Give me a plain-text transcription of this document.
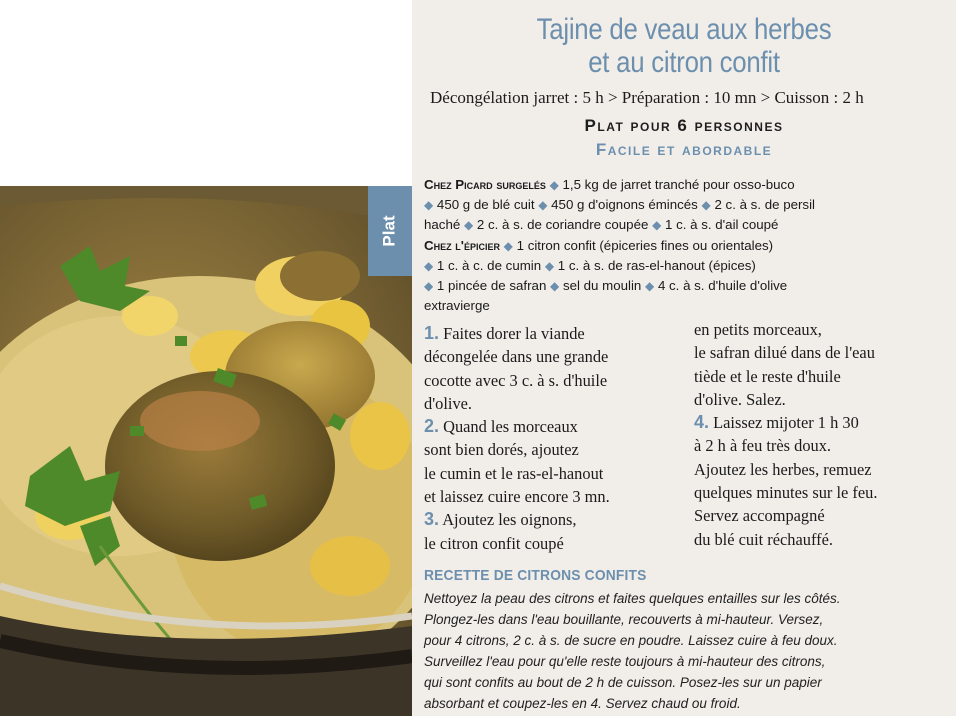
Plat
Tajine de veau aux herbes
et au citron confit
Décongélation jarret : 5 h > Préparation : 10 mn > Cuisson : 2 h
Plat pour 6 personnes
Facile et abordable
Chez Picard surgelés ◆ 1,5 kg de jarret tranché pour osso-buco
◆ 450 g de blé cuit ◆ 450 g d'oignons émincés ◆ 2 c. à s. de persil
haché ◆ 2 c. à s. de coriandre coupée ◆ 1 c. à s. d'ail coupé
Chez l'épicier ◆ 1 citron confit (épiceries fines ou orientales)
◆ 1 c. à c. de cumin ◆ 1 c. à s. de ras-el-hanout (épices)
◆ 1 pincée de safran ◆ sel du moulin ◆ 4 c. à s. d'huile d'olive
extravierge
1. Faites dorer la viande
décongelée dans une grande
cocotte avec 3 c. à s. d'huile
d'olive.
2. Quand les morceaux
sont bien dorés, ajoutez
le cumin et le ras-el-hanout
et laissez cuire encore 3 mn.
3. Ajoutez les oignons,
le citron confit coupé
en petits morceaux,
le safran dilué dans de l'eau
tiède et le reste d'huile
d'olive. Salez.
4. Laissez mijoter 1 h 30
à 2 h à feu très doux.
Ajoutez les herbes, remuez
quelques minutes sur le feu.
Servez accompagné
du blé cuit réchauffé.
RECETTE DE CITRONS CONFITS
Nettoyez la peau des citrons et faites quelques entailles sur les côtés.
Plongez-les dans l'eau bouillante, recouverts à mi-hauteur. Versez,
pour 4 citrons, 2 c. à s. de sucre en poudre. Laissez cuire à feu doux.
Surveillez l'eau pour qu'elle reste toujours à mi-hauteur des citrons,
qui sont confits au bout de 2 h de cuisson. Posez-les sur un papier
absorbant et coupez-les en 4. Servez chaud ou froid.
